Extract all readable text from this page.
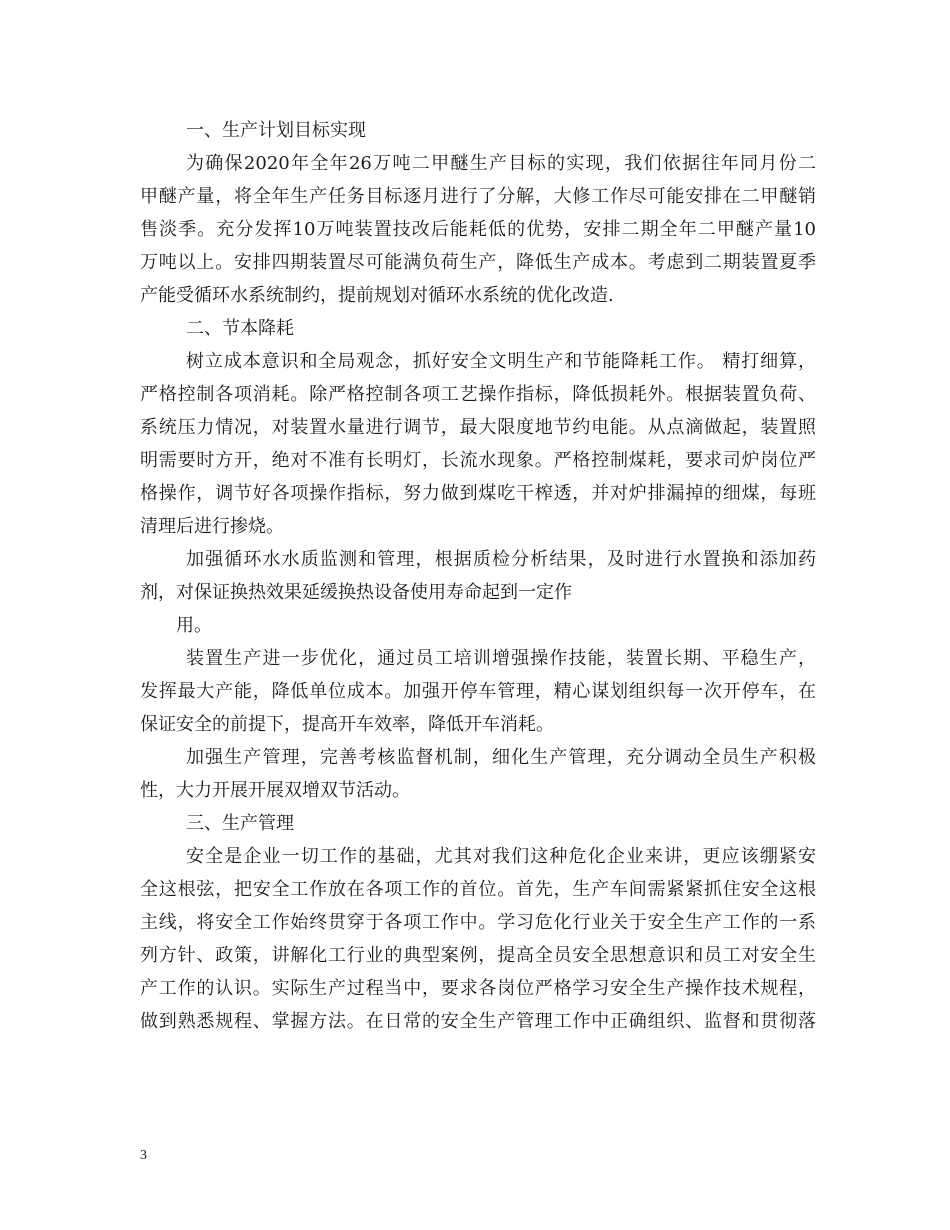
一、生产计划目标实现
为确保2020年全年26万吨二甲醚生产目标的实现，我们依据往年同月份二
甲醚产量，将全年生产任务目标逐月进行了分解，大修工作尽可能安排在二甲醚销
售淡季。充分发挥10万吨装置技改后能耗低的优势，安排二期全年二甲醚产量10
万吨以上。安排四期装置尽可能满负荷生产，降低生产成本。考虑到二期装置夏季
产能受循环水系统制约，提前规划对循环水系统的优化改造.
二、节本降耗
树立成本意识和全局观念，抓好安全文明生产和节能降耗工作。 精打细算，
严格控制各项消耗。除严格控制各项工艺操作指标，降低损耗外。根据装置负荷、
系统压力情况，对装置水量进行调节，最大限度地节约电能。从点滴做起，装置照
明需要时方开，绝对不准有长明灯，长流水现象。严格控制煤耗，要求司炉岗位严
格操作，调节好各项操作指标，努力做到煤吃干榨透，并对炉排漏掉的细煤，每班
清理后进行掺烧。
加强循环水水质监测和管理，根据质检分析结果，及时进行水置换和添加药
剂，对保证换热效果延缓换热设备使用寿命起到一定作
用。
装置生产进一步优化，通过员工培训增强操作技能，装置长期、平稳生产，
发挥最大产能，降低单位成本。加强开停车管理，精心谋划组织每一次开停车，在
保证安全的前提下，提高开车效率，降低开车消耗。
加强生产管理，完善考核监督机制，细化生产管理，充分调动全员生产积极
性，大力开展开展双增双节活动。
三、生产管理
安全是企业一切工作的基础，尤其对我们这种危化企业来讲，更应该绷紧安
全这根弦，把安全工作放在各项工作的首位。首先，生产车间需紧紧抓住安全这根
主线，将安全工作始终贯穿于各项工作中。学习危化行业关于安全生产工作的一系
列方针、政策，讲解化工行业的典型案例，提高全员安全思想意识和员工对安全生
产工作的认识。实际生产过程当中，要求各岗位严格学习安全生产操作技术规程，
做到熟悉规程、掌握方法。在日常的安全生产管理工作中正确组织、监督和贯彻落
3
